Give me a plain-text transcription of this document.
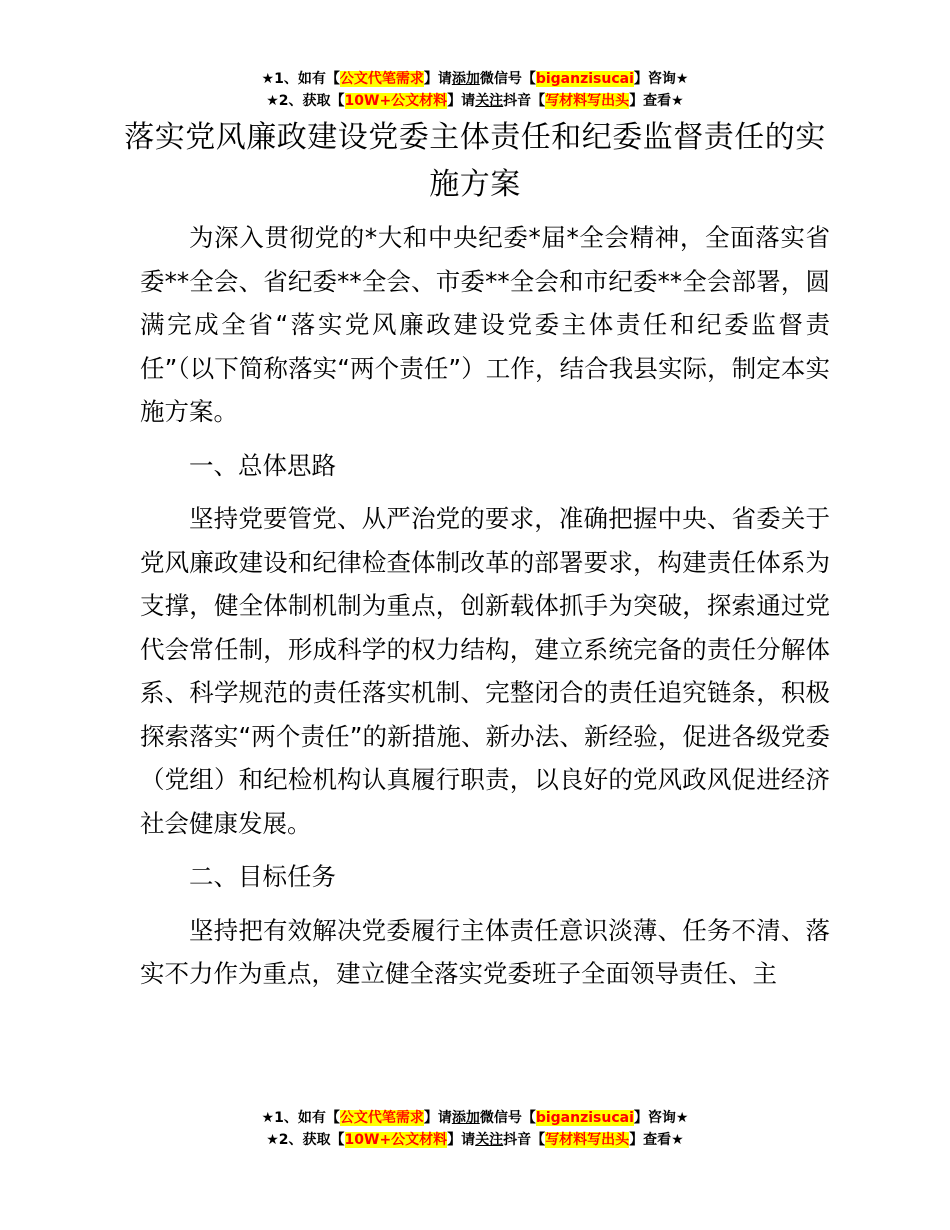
★1、如有【公文代笔需求】请添加微信号【biganzisucai】咨询★
★2、获取【10W+公文材料】请关注抖音【写材料写出头】查看★
落实党风廉政建设党委主体责任和纪委监督责任的实施方案

为深入贯彻党的*大和中央纪委*届*全会精神，全面落实省委**全会、省纪委**全会、市委**全会和市纪委**全会部署，圆满完成全省“落实党风廉政建设党委主体责任和纪委监督责任”（以下简称落实“两个责任”）工作，结合我县实际，制定本实施方案。

一、总体思路

坚持党要管党、从严治党的要求，准确把握中央、省委关于党风廉政建设和纪律检查体制改革的部署要求，构建责任体系为支撑，健全体制机制为重点，创新载体抓手为突破，探索通过党代会常任制，形成科学的权力结构，建立系统完备的责任分解体系、科学规范的责任落实机制、完整闭合的责任追究链条，积极探索落实“两个责任”的新措施、新办法、新经验，促进各级党委（党组）和纪检机构认真履行职责，以良好的党风政风促进经济社会健康发展。

二、目标任务

坚持把有效解决党委履行主体责任意识淡薄、任务不清、落实不力作为重点，建立健全落实党委班子全面领导责任、主

★1、如有【公文代笔需求】请添加微信号【biganzisucai】咨询★
★2、获取【10W+公文材料】请关注抖音【写材料写出头】查看★
